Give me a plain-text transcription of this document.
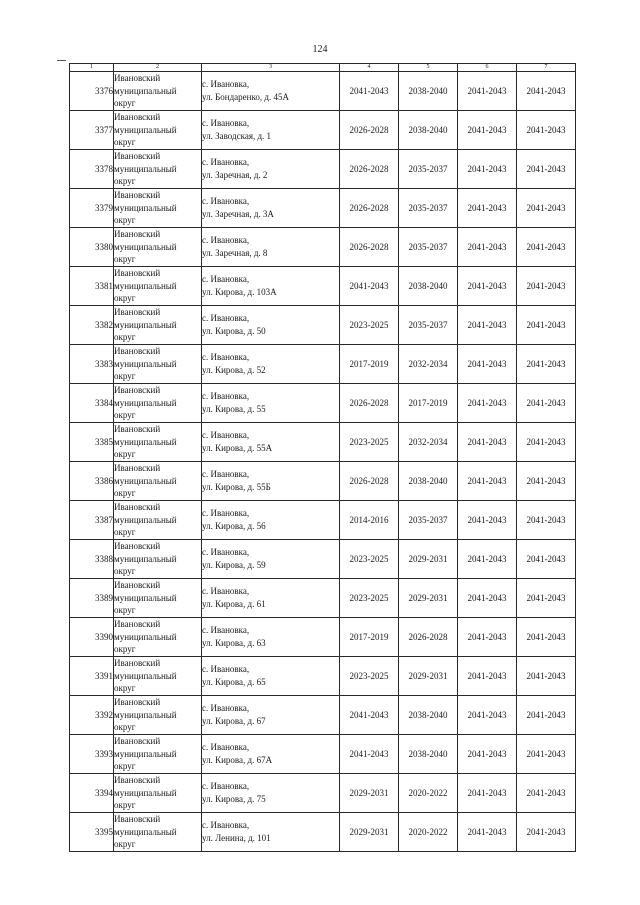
124
1	2	3	4	5	6	7
3376	Ивановский
муниципальный
округ	с. Ивановка,
ул. Бондаренко, д. 45А	2041-2043	2038-2040	2041-2043	2041-2043
3377	Ивановский
муниципальный
округ	с. Ивановка,
ул. Заводская, д. 1	2026-2028	2038-2040	2041-2043	2041-2043
3378	Ивановский
муниципальный
округ	с. Ивановка,
ул. Заречная, д. 2	2026-2028	2035-2037	2041-2043	2041-2043
3379	Ивановский
муниципальный
округ	с. Ивановка,
ул. Заречная, д. 3А	2026-2028	2035-2037	2041-2043	2041-2043
3380	Ивановский
муниципальный
округ	с. Ивановка,
ул. Заречная, д. 8	2026-2028	2035-2037	2041-2043	2041-2043
3381	Ивановский
муниципальный
округ	с. Ивановка,
ул. Кирова, д. 103А	2041-2043	2038-2040	2041-2043	2041-2043
3382	Ивановский
муниципальный
округ	с. Ивановка,
ул. Кирова, д. 50	2023-2025	2035-2037	2041-2043	2041-2043
3383	Ивановский
муниципальный
округ	с. Ивановка,
ул. Кирова, д. 52	2017-2019	2032-2034	2041-2043	2041-2043
3384	Ивановский
муниципальный
округ	с. Ивановка,
ул. Кирова, д. 55	2026-2028	2017-2019	2041-2043	2041-2043
3385	Ивановский
муниципальный
округ	с. Ивановка,
ул. Кирова, д. 55А	2023-2025	2032-2034	2041-2043	2041-2043
3386	Ивановский
муниципальный
округ	с. Ивановка,
ул. Кирова, д. 55Б	2026-2028	2038-2040	2041-2043	2041-2043
3387	Ивановский
муниципальный
округ	с. Ивановка,
ул. Кирова, д. 56	2014-2016	2035-2037	2041-2043	2041-2043
3388	Ивановский
муниципальный
округ	с. Ивановка,
ул. Кирова, д. 59	2023-2025	2029-2031	2041-2043	2041-2043
3389	Ивановский
муниципальный
округ	с. Ивановка,
ул. Кирова, д. 61	2023-2025	2029-2031	2041-2043	2041-2043
3390	Ивановский
муниципальный
округ	с. Ивановка,
ул. Кирова, д. 63	2017-2019	2026-2028	2041-2043	2041-2043
3391	Ивановский
муниципальный
округ	с. Ивановка,
ул. Кирова, д. 65	2023-2025	2029-2031	2041-2043	2041-2043
3392	Ивановский
муниципальный
округ	с. Ивановка,
ул. Кирова, д. 67	2041-2043	2038-2040	2041-2043	2041-2043
3393	Ивановский
муниципальный
округ	с. Ивановка,
ул. Кирова, д. 67А	2041-2043	2038-2040	2041-2043	2041-2043
3394	Ивановский
муниципальный
округ	с. Ивановка,
ул. Кирова, д. 75	2029-2031	2020-2022	2041-2043	2041-2043
3395	Ивановский
муниципальный
округ	с. Ивановка,
ул. Ленина, д. 101	2029-2031	2020-2022	2041-2043	2041-2043
